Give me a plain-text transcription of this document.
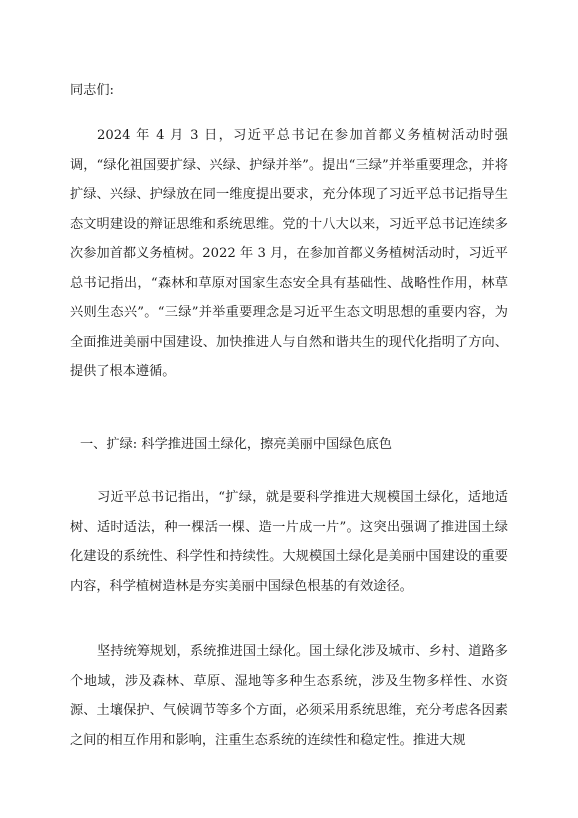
同志们:

2024 年 4 月 3 日，习近平总书记在参加首都义务植树活动时强调，“绿化祖国要扩绿、兴绿、护绿并举”。提出“三绿”并举重要理念，并将扩绿、兴绿、护绿放在同一维度提出要求，充分体现了习近平总书记指导生态文明建设的辩证思维和系统思维。党的十八大以来，习近平总书记连续多次参加首都义务植树。2022 年 3 月，在参加首都义务植树活动时，习近平总书记指出，“森林和草原对国家生态安全具有基础性、战略性作用，林草兴则生态兴”。“三绿”并举重要理念是习近平生态文明思想的重要内容，为全面推进美丽中国建设、加快推进人与自然和谐共生的现代化指明了方向、提供了根本遵循。

一、扩绿: 科学推进国土绿化，擦亮美丽中国绿色底色

习近平总书记指出，“扩绿，就是要科学推进大规模国土绿化，适地适树、适时适法，种一棵活一棵、造一片成一片”。这突出强调了推进国土绿化建设的系统性、科学性和持续性。大规模国土绿化是美丽中国建设的重要内容，科学植树造林是夯实美丽中国绿色根基的有效途径。

坚持统筹规划，系统推进国土绿化。国土绿化涉及城市、乡村、道路多个地域，涉及森林、草原、湿地等多种生态系统，涉及生物多样性、水资源、土壤保护、气候调节等多个方面，必须采用系统思维，充分考虑各因素之间的相互作用和影响，注重生态系统的连续性和稳定性。推进大规
